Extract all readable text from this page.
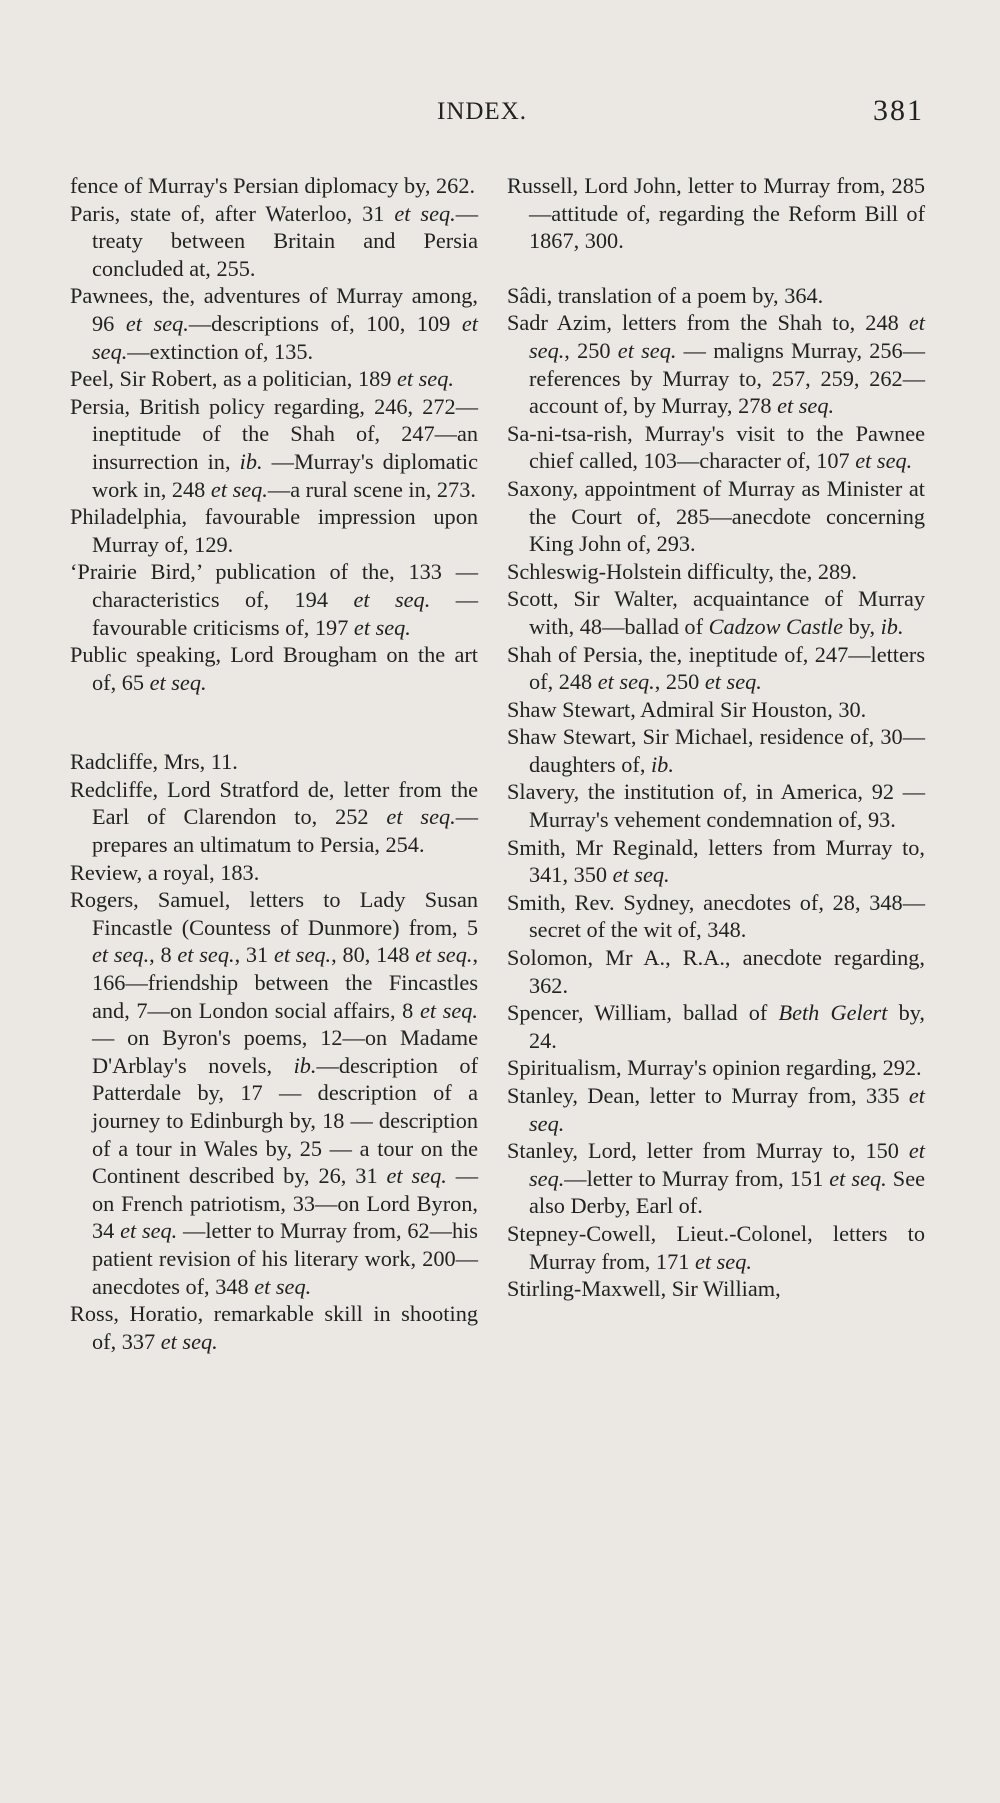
INDEX.	381

fence of Murray's Persian diplomacy by, 262.

Paris, state of, after Waterloo, 31 et seq.—treaty between Britain and Persia concluded at, 255.

Pawnees, the, adventures of Murray among, 96 et seq.—descriptions of, 100, 109 et seq.—extinction of, 135.

Peel, Sir Robert, as a politician, 189 et seq.

Persia, British policy regarding, 246, 272—ineptitude of the Shah of, 247—an insurrection in, ib. —Murray's diplomatic work in, 248 et seq.—a rural scene in, 273.

Philadelphia, favourable impression upon Murray of, 129.

‘Prairie Bird,’ publication of the, 133 — characteristics of, 194 et seq. — favourable criticisms of, 197 et seq.

Public speaking, Lord Brougham on the art of, 65 et seq.

Radcliffe, Mrs, 11.

Redcliffe, Lord Stratford de, letter from the Earl of Clarendon to, 252 et seq.—prepares an ultimatum to Persia, 254.

Review, a royal, 183.

Rogers, Samuel, letters to Lady Susan Fincastle (Countess of Dunmore) from, 5 et seq., 8 et seq., 31 et seq., 80, 148 et seq., 166—friendship between the Fincastles and, 7—on London social affairs, 8 et seq. — on Byron's poems, 12—on Madame D'Arblay's novels, ib.—description of Patterdale by, 17 — description of a journey to Edinburgh by, 18 — description of a tour in Wales by, 25 — a tour on the Continent described by, 26, 31 et seq. — on French patriotism, 33—on Lord Byron, 34 et seq. —letter to Murray from, 62—his patient revision of his literary work, 200—anecdotes of, 348 et seq.

Ross, Horatio, remarkable skill in shooting of, 337 et seq.

Russell, Lord John, letter to Murray from, 285—attitude of, regarding the Reform Bill of 1867, 300.

Sâdi, translation of a poem by, 364.

Sadr Azim, letters from the Shah to, 248 et seq., 250 et seq. — maligns Murray, 256—references by Murray to, 257, 259, 262—account of, by Murray, 278 et seq.

Sa-ni-tsa-rish, Murray's visit to the Pawnee chief called, 103—character of, 107 et seq.

Saxony, appointment of Murray as Minister at the Court of, 285—anecdote concerning King John of, 293.

Schleswig-Holstein difficulty, the, 289.

Scott, Sir Walter, acquaintance of Murray with, 48—ballad of Cadzow Castle by, ib.

Shah of Persia, the, ineptitude of, 247—letters of, 248 et seq., 250 et seq.

Shaw Stewart, Admiral Sir Houston, 30.

Shaw Stewart, Sir Michael, residence of, 30—daughters of, ib.

Slavery, the institution of, in America, 92 — Murray's vehement condemnation of, 93.

Smith, Mr Reginald, letters from Murray to, 341, 350 et seq.

Smith, Rev. Sydney, anecdotes of, 28, 348—secret of the wit of, 348.

Solomon, Mr A., R.A., anecdote regarding, 362.

Spencer, William, ballad of Beth Gelert by, 24.

Spiritualism, Murray's opinion regarding, 292.

Stanley, Dean, letter to Murray from, 335 et seq.

Stanley, Lord, letter from Murray to, 150 et seq.—letter to Murray from, 151 et seq. See also Derby, Earl of.

Stepney-Cowell, Lieut.-Colonel, letters to Murray from, 171 et seq.

Stirling-Maxwell, Sir William,
